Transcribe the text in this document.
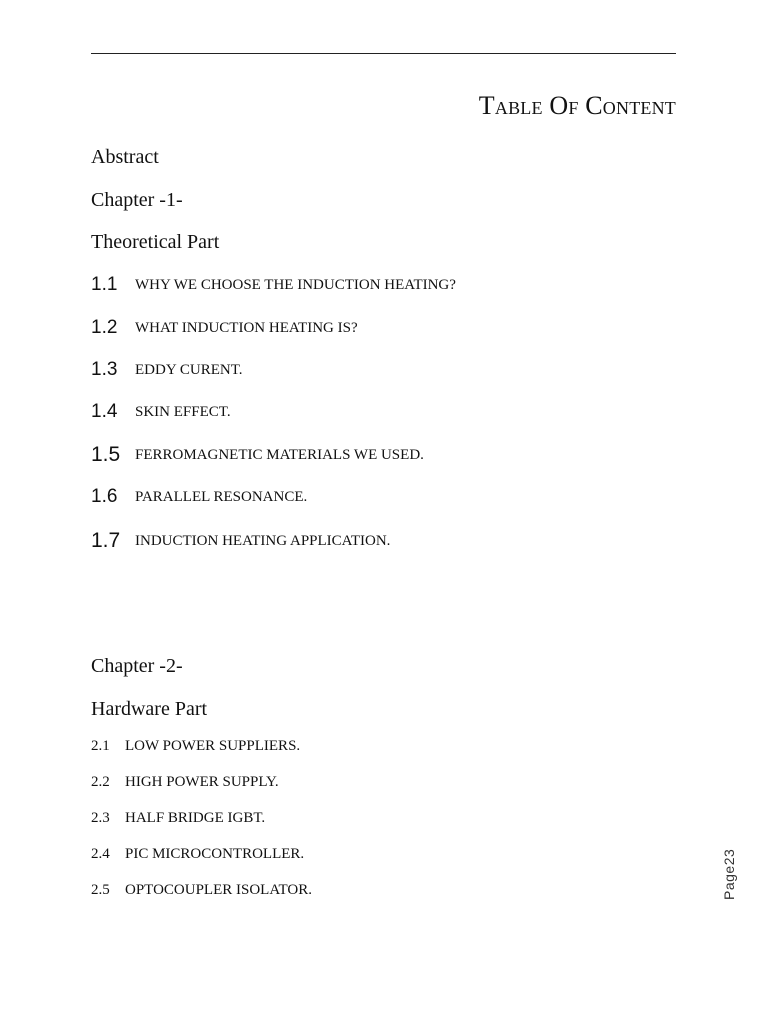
Table Of Content
Abstract
Chapter -1-
Theoretical Part
1.1 WHY WE CHOOSE THE INDUCTION HEATING?
1.2 WHAT INDUCTION HEATING IS?
1.3 EDDY CURENT.
1.4 SKIN EFFECT.
1.5 FERROMAGNETIC MATERIALS WE USED.
1.6 PARALLEL RESONANCE.
1.7 INDUCTION HEATING APPLICATION.
Chapter -2-
Hardware Part
2.1 LOW POWER SUPPLIERS.
2.2 HIGH POWER SUPPLY.
2.3 HALF BRIDGE IGBT.
2.4 PIC MICROCONTROLLER.
2.5 OPTOCOUPLER ISOLATOR.	Page23
